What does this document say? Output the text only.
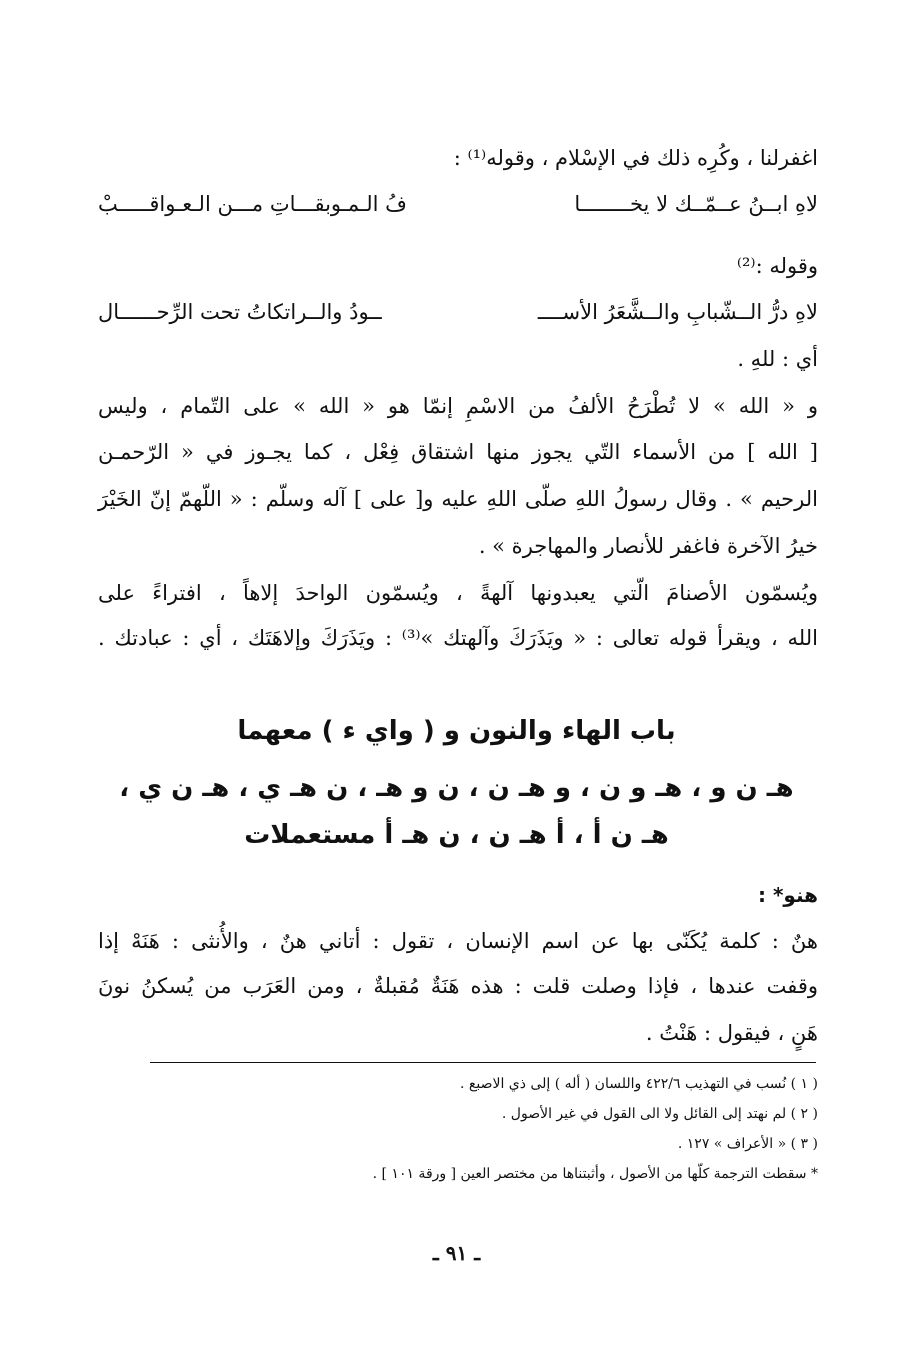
اغفرلنا ، وكُرِه ذلك في الإسْلام ، وقوله⁽¹⁾ :
لاهِ ابــنُ عــمّــك لا يخــــــــا
فُ الـمـوبقـــاتِ مـــن الـعـواقـــــبْ
وقوله :⁽²⁾
لاهِ درُّ الــشّبابِ والــشَّعَرُ الأســــ
ــودُ والــراتكاتُ تحت الرِّحــــــال
أي : للهِ .
و « الله » لا تُطْرَحُ الألفُ من الاسْمِ إنمّا هو « الله » على التّمام ، وليس
[ الله ] من الأسماء التّي يجوز منها اشتقاق فِعْل ، كما يجـوز في « الرّحمـن
الرحيم » . وقال رسولُ اللهِ صلّى اللهِ عليه و[ على ] آله وسلّم : « اللّهمّ إنّ الخَيْرَ
خيرُ الآخرة فاغفر للأنصار والمهاجرة » .
ويُسمّون الأصنامَ الّتي يعبدونها آلهةً ، ويُسمّون الواحدَ إلاهاً ، افتراءً على
الله ، ويقرأ قوله تعالى : « ويَذَرَكَ وآلهتك »⁽³⁾ : ويَذَرَكَ وإلاهَتَك ، أي : عبادتك .
باب الهاء والنون و ( واي ء ) معهما
هـ ن و ، هـ و ن ، و هـ ن ، ن و هـ ، ن هـ ي ، هـ ن ي ،
هـ ن أ ، أ هـ ن ، ن هـ أ مستعملات
هنو* :
هنٌ : كلمة يُكَنّى بها عن اسم الإنسان ، تقول : أتاني هنٌ ، والأُنثى : هَنَهْ إذا
وقفت عندها ، فإذا وصلت قلت : هذه هَنَةٌ مُقبلةٌ ، ومن العَرَب من يُسكنُ نونَ
هَنٍ ، فيقول : هَنْتُ .
( ١ ) نُسب في التهذيب ٤٢٢/٦ واللسان ( أله ) إلى ذي الاصبع .
( ٢ ) لم نهتد إلى القائل ولا الى القول في غير الأصول .
( ٣ ) « الأعراف » ١٢٧ .
* سقطت الترجمة كلّها من الأصول ، وأثبتناها من مختصر العين [ ورقة ١٠١ ] .
ـ ٩١ ـ
